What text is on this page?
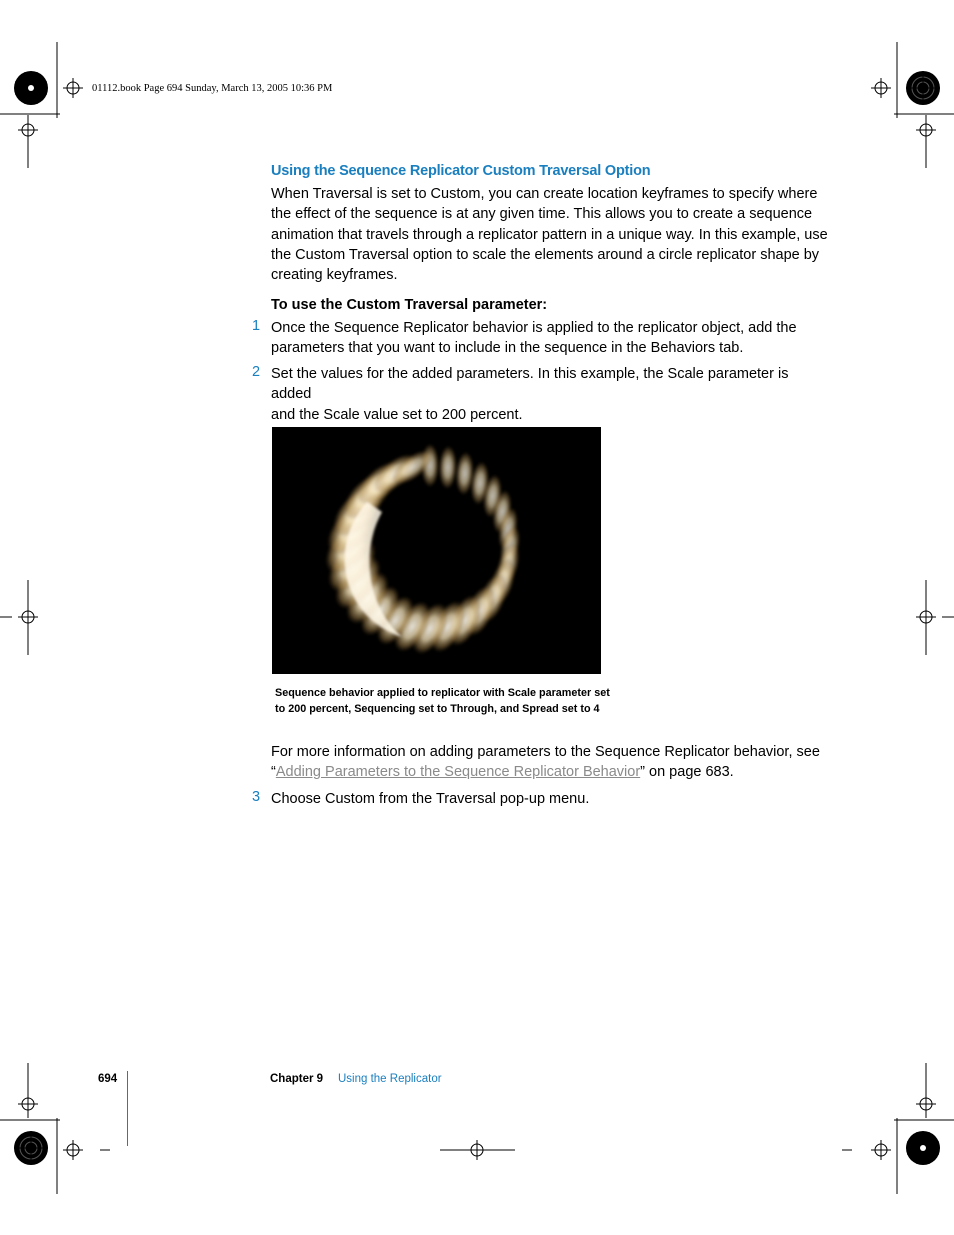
01112.book Page 694 Sunday, March 13, 2005 10:36 PM
Using the Sequence Replicator Custom Traversal Option
When Traversal is set to Custom, you can create location keyframes to specify where
the effect of the sequence is at any given time. This allows you to create a sequence
animation that travels through a replicator pattern in a unique way. In this example, use
the Custom Traversal option to scale the elements around a circle replicator shape by
creating keyframes.
To use the Custom Traversal parameter:
1 Once the Sequence Replicator behavior is applied to the replicator object, add the
parameters that you want to include in the sequence in the Behaviors tab.
2 Set the values for the added parameters. In this example, the Scale parameter is added
and the Scale value set to 200 percent.
Sequence behavior applied to replicator with Scale parameter set
to 200 percent, Sequencing set to Through, and Spread set to 4
For more information on adding parameters to the Sequence Replicator behavior, see
“Adding Parameters to the Sequence Replicator Behavior” on page 683.
3 Choose Custom from the Traversal pop-up menu.
694	Chapter 9 Using the Replicator
